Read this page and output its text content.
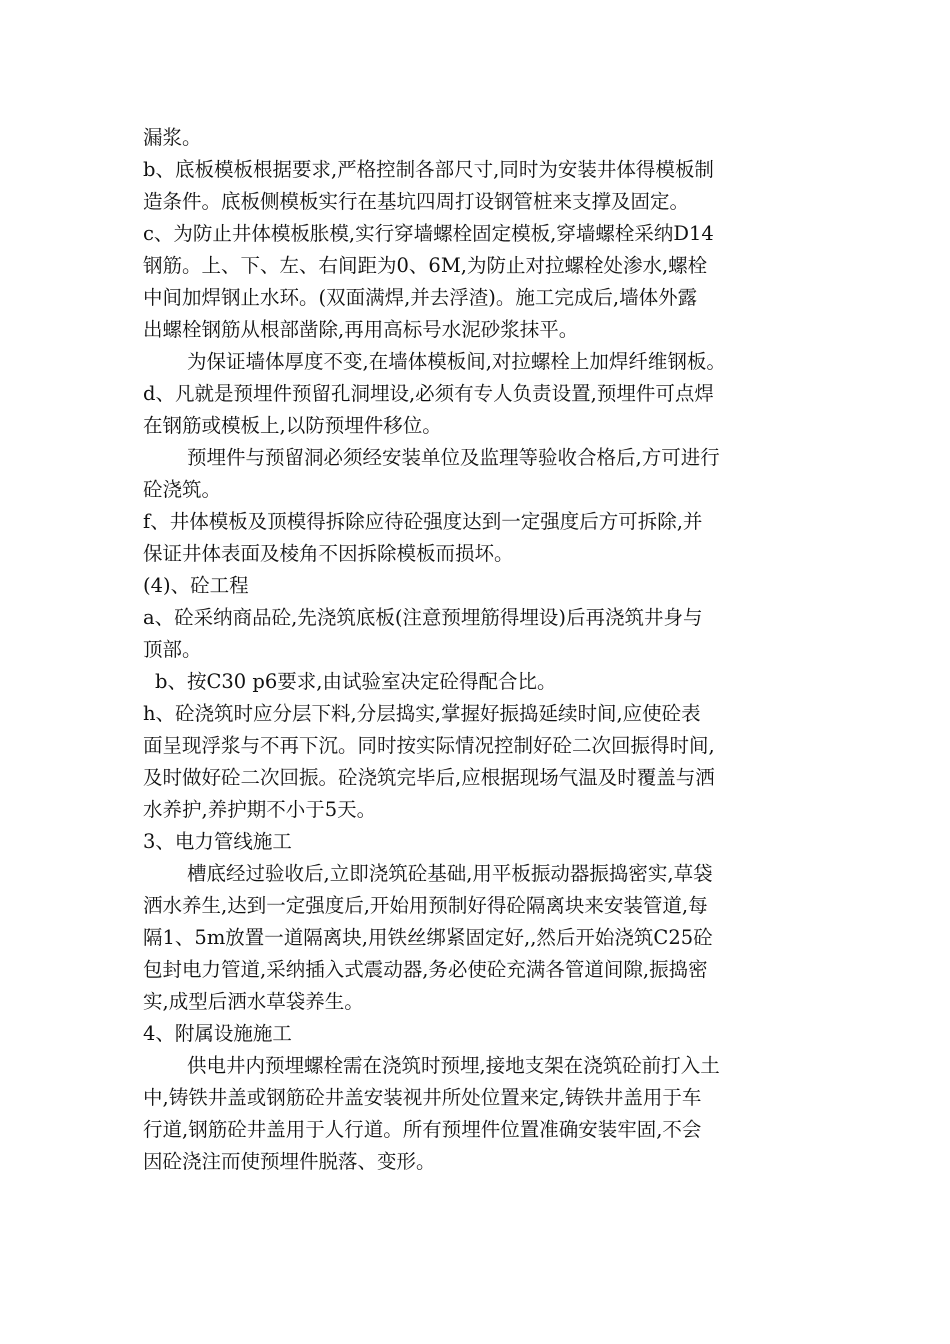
漏浆。
b、底板模板根据要求,严格控制各部尺寸,同时为安装井体得模板制
造条件。底板侧模板实行在基坑四周打设钢管桩来支撑及固定。
c、为防止井体模板胀模,实行穿墙螺栓固定模板,穿墙螺栓采纳D14
钢筋。上、下、左、右间距为0、6M,为防止对拉螺栓处渗水,螺栓
中间加焊钢止水环。(双面满焊,并去浮渣)。施工完成后,墙体外露
出螺栓钢筋从根部凿除,再用高标号水泥砂浆抹平。
为保证墙体厚度不变,在墙体模板间,对拉螺栓上加焊纤维钢板。
d、凡就是预埋件预留孔洞埋设,必须有专人负责设置,预埋件可点焊
在钢筋或模板上,以防预埋件移位。
预埋件与预留洞必须经安装单位及监理等验收合格后,方可进行
砼浇筑。
f、井体模板及顶模得拆除应待砼强度达到一定强度后方可拆除,并
保证井体表面及棱角不因拆除模板而损坏。
(4)、砼工程
a、砼采纳商品砼,先浇筑底板(注意预埋筋得埋设)后再浇筑井身与
顶部。
b、按C30 p6要求,由试验室决定砼得配合比。
h、砼浇筑时应分层下料,分层捣实,掌握好振捣延续时间,应使砼表
面呈现浮浆与不再下沉。同时按实际情况控制好砼二次回振得时间,
及时做好砼二次回振。砼浇筑完毕后,应根据现场气温及时覆盖与洒
水养护,养护期不小于5天。
3、电力管线施工
槽底经过验收后,立即浇筑砼基础,用平板振动器振捣密实,草袋
洒水养生,达到一定强度后,开始用预制好得砼隔离块来安装管道,每
隔1、5m放置一道隔离块,用铁丝绑紧固定好,,然后开始浇筑C25砼
包封电力管道,采纳插入式震动器,务必使砼充满各管道间隙,振捣密
实,成型后洒水草袋养生。
4、附属设施施工
供电井内预埋螺栓需在浇筑时预埋,接地支架在浇筑砼前打入土
中,铸铁井盖或钢筋砼井盖安装视井所处位置来定,铸铁井盖用于车
行道,钢筋砼井盖用于人行道。所有预埋件位置准确安装牢固,不会
因砼浇注而使预埋件脱落、变形。
